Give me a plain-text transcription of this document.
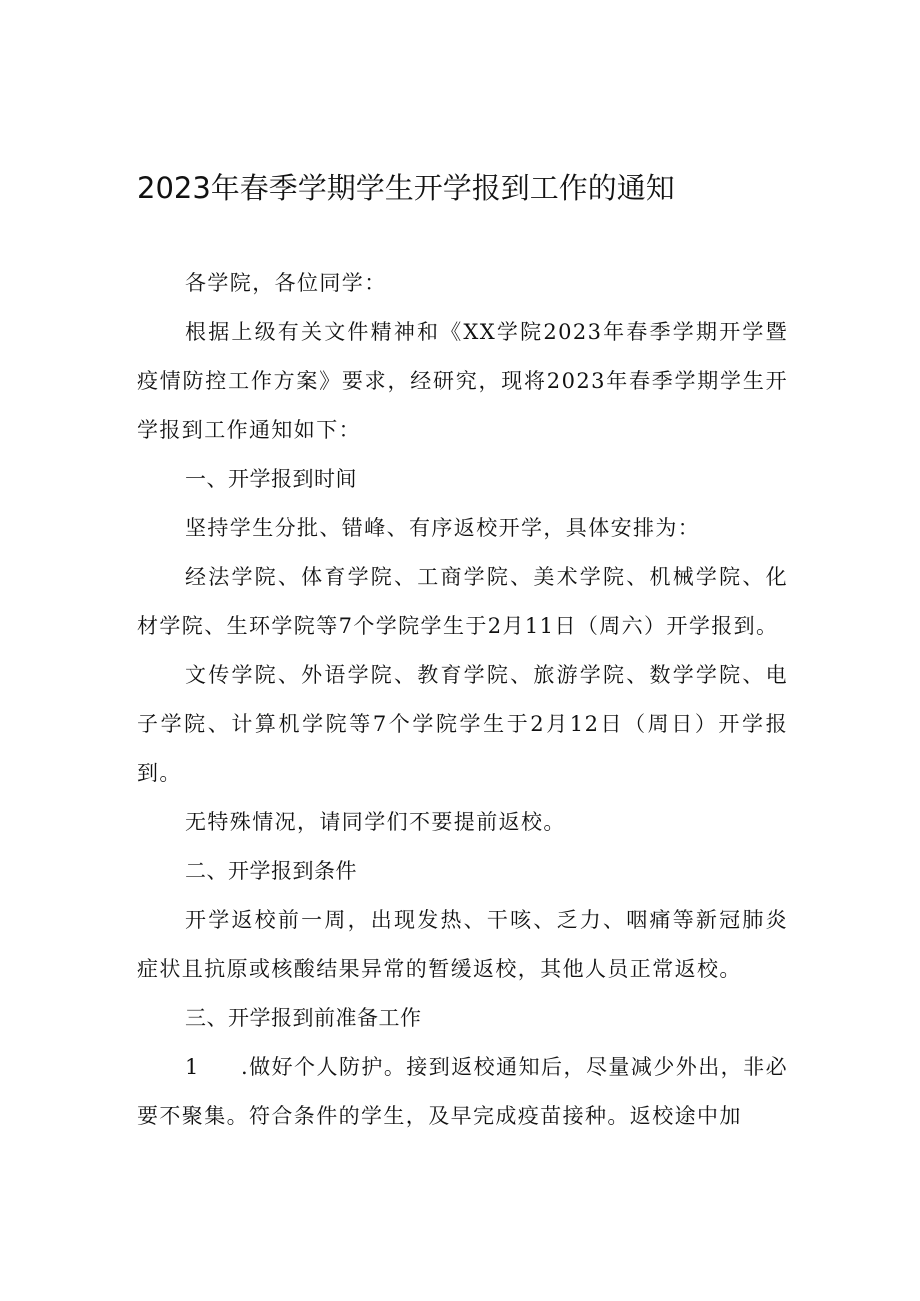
2023年春季学期学生开学报到工作的通知

各学院，各位同学：

根据上级有关文件精神和《XX学院2023年春季学期开学暨疫情防控工作方案》要求，经研究，现将2023年春季学期学生开学报到工作通知如下：

一、开学报到时间

坚持学生分批、错峰、有序返校开学，具体安排为：

经法学院、体育学院、工商学院、美术学院、机械学院、化材学院、生环学院等7个学院学生于2月11日（周六）开学报到。

文传学院、外语学院、教育学院、旅游学院、数学学院、电子学院、计算机学院等7个学院学生于2月12日（周日）开学报到。

无特殊情况，请同学们不要提前返校。

二、开学报到条件

开学返校前一周，出现发热、干咳、乏力、咽痛等新冠肺炎症状且抗原或核酸结果异常的暂缓返校，其他人员正常返校。

三、开学报到前准备工作

1 .做好个人防护。接到返校通知后，尽量减少外出，非必要不聚集。符合条件的学生，及早完成疫苗接种。返校途中加
